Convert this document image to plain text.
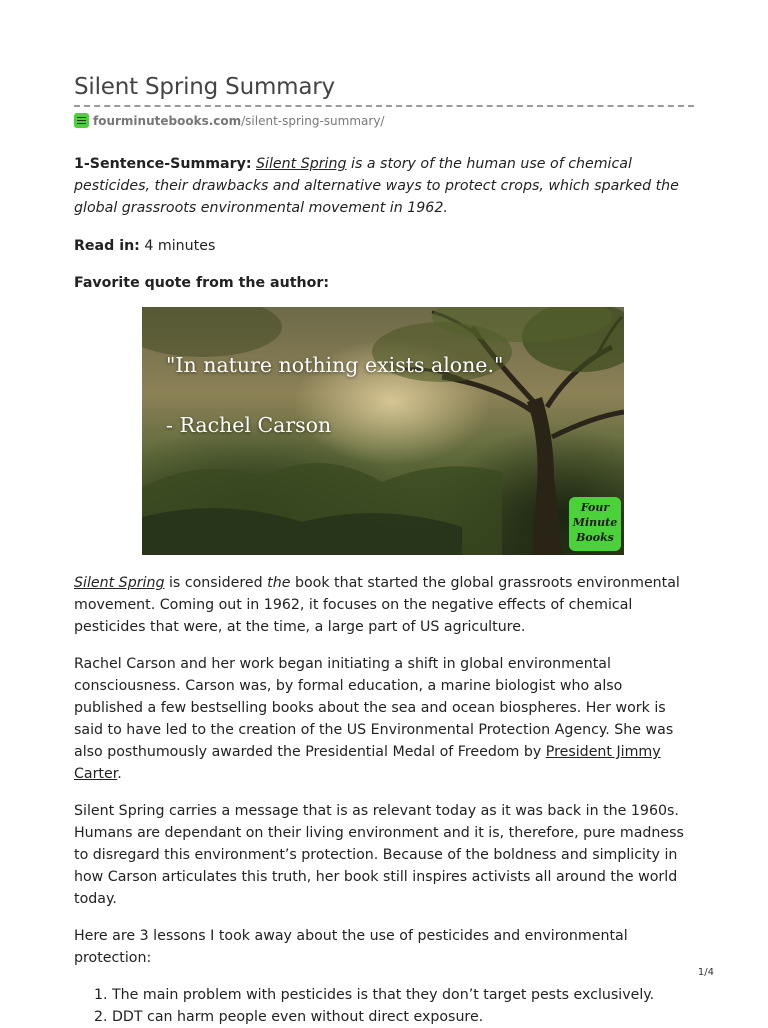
Silent Spring Summary
fourminutebooks.com /silent-spring-summary/

1-Sentence-Summary: Silent Spring is a story of the human use of chemical pesticides, their drawbacks and alternative ways to protect crops, which sparked the global grassroots environmental movement in 1962.

Read in: 4 minutes

Favorite quote from the author:

"In nature nothing exists alone."
- Rachel Carson
Four
Minute
Books

Silent Spring is considered the book that started the global grassroots environmental movement. Coming out in 1962, it focuses on the negative effects of chemical pesticides that were, at the time, a large part of US agriculture.

Rachel Carson and her work began initiating a shift in global environmental consciousness. Carson was, by formal education, a marine biologist who also published a few bestselling books about the sea and ocean biospheres. Her work is said to have led to the creation of the US Environmental Protection Agency. She was also posthumously awarded the Presidential Medal of Freedom by President Jimmy Carter.

Silent Spring carries a message that is as relevant today as it was back in the 1960s. Humans are dependant on their living environment and it is, therefore, pure madness to disregard this environment’s protection. Because of the boldness and simplicity in how Carson articulates this truth, her book still inspires activists all around the world today.

Here are 3 lessons I took away about the use of pesticides and environmental protection:

1. The main problem with pesticides is that they don’t target pests exclusively.
2. DDT can harm people even without direct exposure.
1/4
